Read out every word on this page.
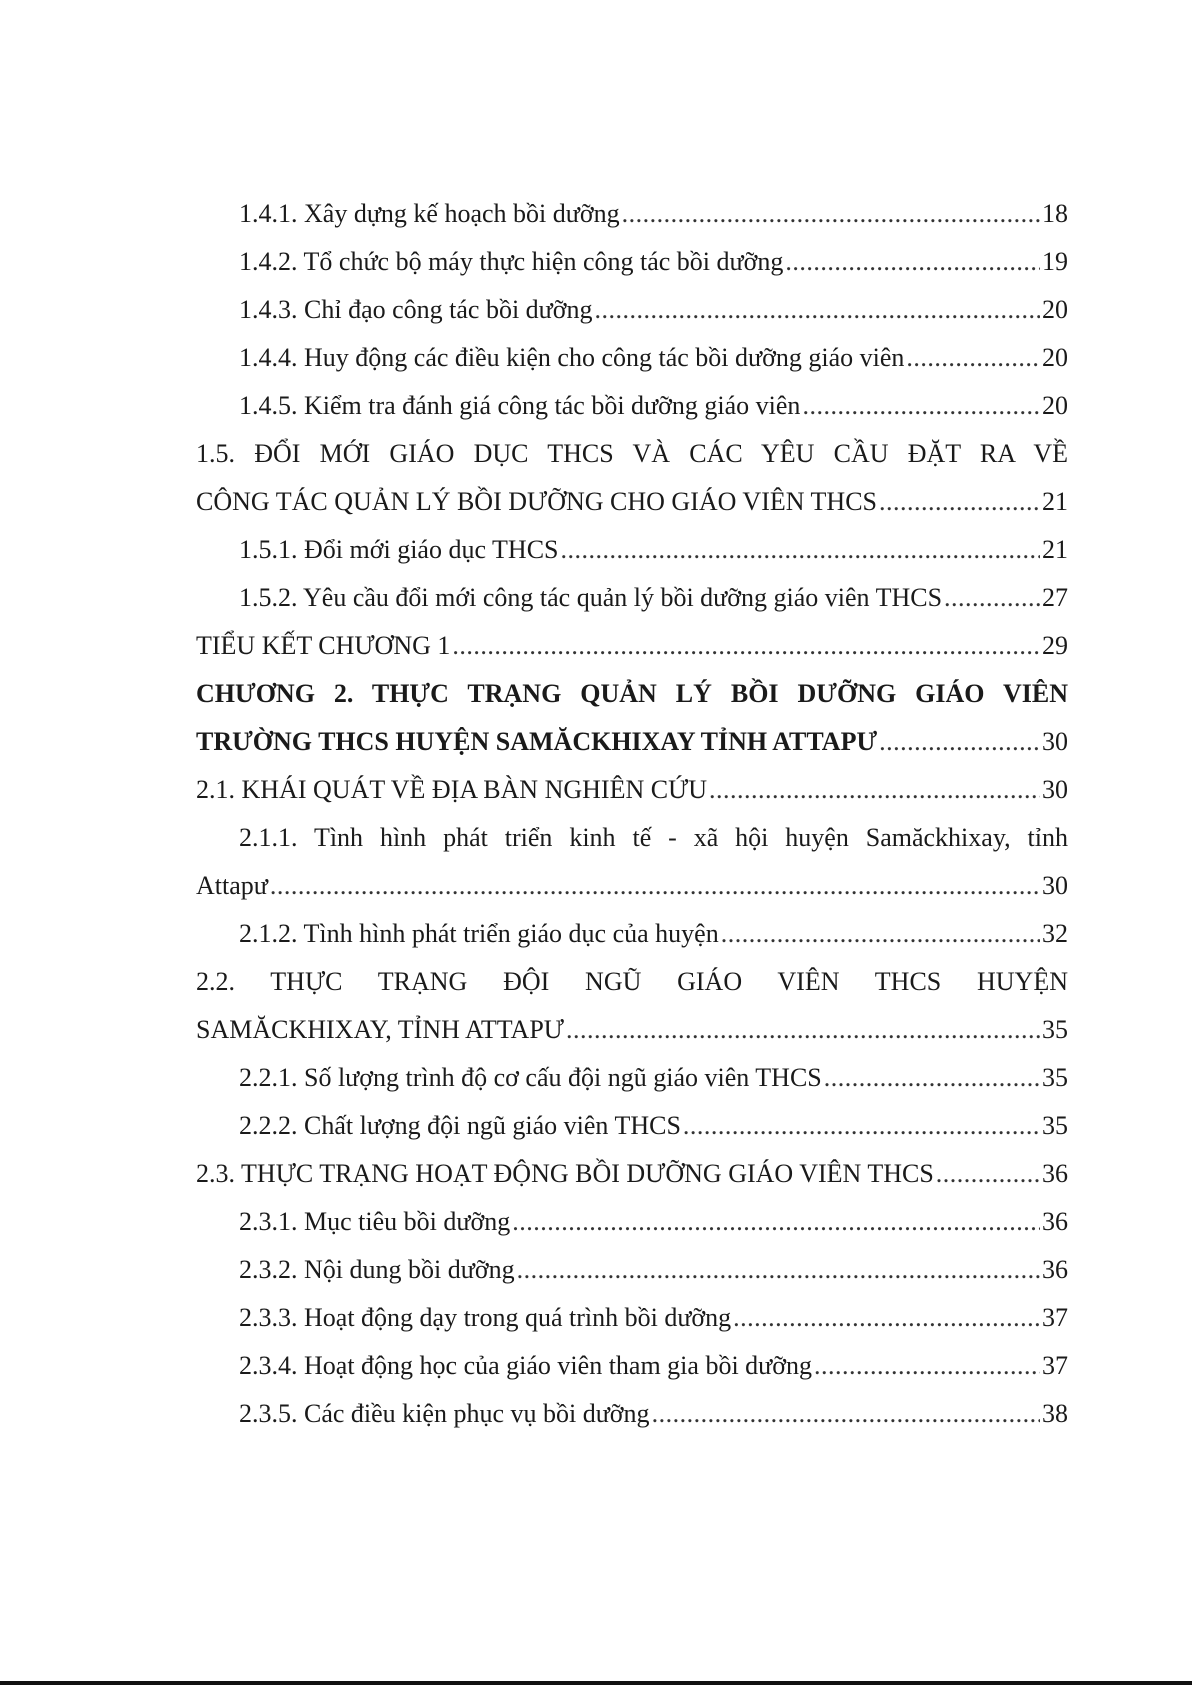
1.4.1. Xây dựng kế hoạch bồi dưỡng . . .	18
1.4.2. Tổ chức bộ máy thực hiện công tác bồi dưỡng . . .	19
1.4.3. Chỉ đạo công tác bồi dưỡng . . .	20
1.4.4. Huy động các điều kiện cho công tác bồi dưỡng giáo viên . . .	20
1.4.5. Kiểm tra đánh giá công tác bồi dưỡng giáo viên . . .	20
1.5. ĐỔI MỚI GIÁO DỤC THCS VÀ CÁC YÊU CẦU ĐẶT RA VỀ
CÔNG TÁC QUẢN LÝ BỒI DƯỠNG CHO GIÁO VIÊN THCS . . .	21
1.5.1. Đổi mới giáo dục THCS . . .	21
1.5.2. Yêu cầu đổi mới công tác quản lý bồi dưỡng giáo viên THCS . . .	27
TIỂU KẾT CHƯƠNG 1 . . .	29
CHƯƠNG 2. THỰC TRẠNG QUẢN LÝ BỒI DƯỠNG GIÁO VIÊN
TRƯỜNG THCS HUYỆN SAMĂCKHIXAY TỈNH ATTAPƯ . . .	30
2.1. KHÁI QUÁT VỀ ĐỊA BÀN NGHIÊN CỨU . . .	30
2.1.1. Tình hình phát triển kinh tế - xã hội huyện Samăckhixay, tỉnh
Attapư . . .	30
2.1.2. Tình hình phát triển giáo dục của huyện . . .	32
2.2. THỰC TRẠNG ĐỘI NGŨ GIÁO VIÊN THCS HUYỆN
SAMĂCKHIXAY, TỈNH ATTAPƯ . . .	35
2.2.1. Số lượng trình độ cơ cấu đội ngũ giáo viên THCS . . .	35
2.2.2. Chất lượng đội ngũ giáo viên THCS . . .	35
2.3. THỰC TRẠNG HOẠT ĐỘNG BỒI DƯỠNG GIÁO VIÊN THCS . . .	36
2.3.1. Mục tiêu bồi dưỡng . . .	36
2.3.2. Nội dung bồi dưỡng . . .	36
2.3.3. Hoạt động dạy trong quá trình bồi dưỡng . . .	37
2.3.4. Hoạt động học của giáo viên tham gia bồi dưỡng . . .	37
2.3.5. Các điều kiện phục vụ bồi dưỡng . . .	38
